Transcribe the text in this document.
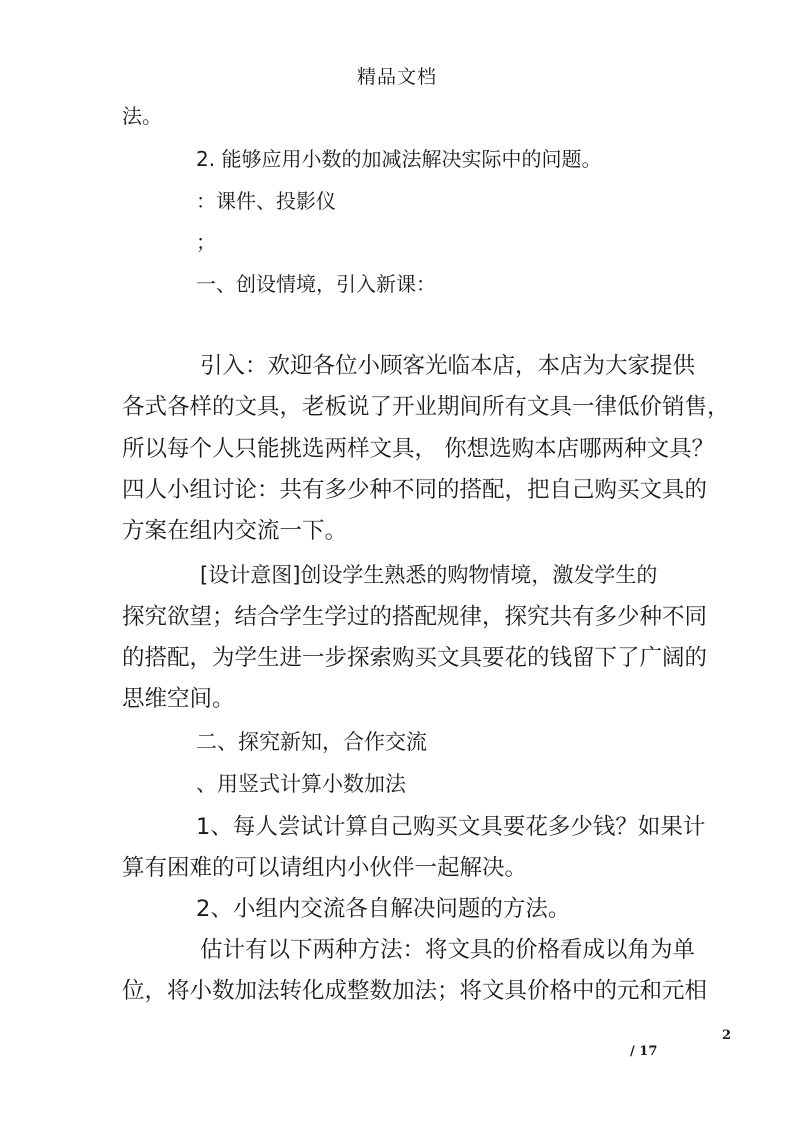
精品文档
法。
2. 能够应用小数的加减法解决实际中的问题。
：课件、投影仪
；
一、创设情境，引入新课：
引入：欢迎各位小顾客光临本店，本店为大家提供
各式各样的文具，老板说了开业期间所有文具一律低价销售，
所以每个人只能挑选两样文具， 你想选购本店哪两种文具？
四人小组讨论：共有多少种不同的搭配，把自己购买文具的
方案在组内交流一下。
[设计意图]创设学生熟悉的购物情境，激发学生的
探究欲望；结合学生学过的搭配规律，探究共有多少种不同
的搭配，为学生进一步探索购买文具要花的钱留下了广阔的
思维空间。
二、探究新知，合作交流
、用竖式计算小数加法
1、每人尝试计算自己购买文具要花多少钱？如果计
算有困难的可以请组内小伙伴一起解决。
2、小组内交流各自解决问题的方法。
估计有以下两种方法：将文具的价格看成以角为单
位，将小数加法转化成整数加法；将文具价格中的元和元相
2
/ 17
